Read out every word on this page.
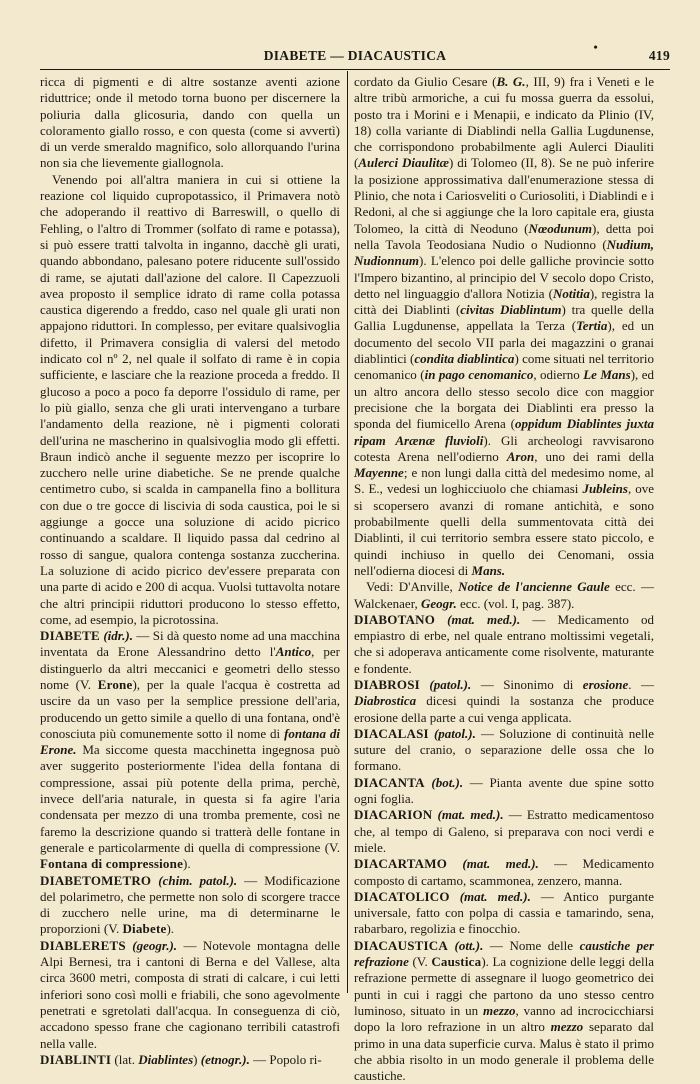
DIABETE — DIACAUSTICA
•
419

ricca di pigmenti e di altre sostanze aventi azione riduttrice; onde il metodo torna buono per discernere la poliuria dalla glicosuria, dando con quella un coloramento giallo rosso, e con questa (come si avvertì) di un verde smeraldo magnifico, solo allorquando l'urina non sia che lievemente giallognola.

Venendo poi all'altra maniera in cui si ottiene la reazione col liquido cupropotassico, il Primavera notò che adoperando il reattivo di Barreswill, o quello di Fehling, o l'altro di Trommer (solfato di rame e potassa), si può essere tratti talvolta in inganno, dacchè gli urati, quando abbondano, palesano potere riducente sull'ossido di rame, se ajutati dall'azione del calore. Il Capezzuoli avea proposto il semplice idrato di rame colla potassa caustica digerendo a freddo, caso nel quale gli urati non appajono riduttori. In complesso, per evitare qualsivoglia difetto, il Primavera consiglia di valersi del metodo indicato col nº 2, nel quale il solfato di rame è in copia sufficiente, e lasciare che la reazione proceda a freddo. Il glucoso a poco a poco fa deporre l'ossidulo di rame, per lo più giallo, senza che gli urati intervengano a turbare l'andamento della reazione, nè i pigmenti colorati dell'urina ne mascherino in qualsivoglia modo gli effetti. Braun indicò anche il seguente mezzo per iscoprire lo zucchero nelle urine diabetiche. Se ne prende qualche centimetro cubo, si scalda in campanella fino a bollitura con due o tre gocce di liscivia di soda caustica, poi le si aggiunge a gocce una soluzione di acido picrico continuando a scaldare. Il liquido passa dal cedrino al rosso di sangue, qualora contenga sostanza zuccherina. La soluzione di acido picrico dev'essere preparata con una parte di acido e 200 di acqua. Vuolsi tuttavolta notare che altri principii riduttori producono lo stesso effetto, come, ad esempio, la picrotossina.

DIABETE (idr.). — Si dà questo nome ad una macchina inventata da Erone Alessandrino detto l'Antico, per distinguerlo da altri meccanici e geometri dello stesso nome (V. Erone), per la quale l'acqua è costretta ad uscire da un vaso per la semplice pressione dell'aria, producendo un getto simile a quello di una fontana, ond'è conosciuta più comunemente sotto il nome di fontana di Erone. Ma siccome questa macchinetta ingegnosa può aver suggerito posteriormente l'idea della fontana di compressione, assai più potente della prima, perchè, invece dell'aria naturale, in questa si fa agire l'aria condensata per mezzo di una tromba premente, così ne faremo la descrizione quando si tratterà delle fontane in generale e particolarmente di quella di compressione (V. Fontana di compressione).

DIABETOMETRO (chim. patol.). — Modificazione del polarimetro, che permette non solo di scorgere tracce di zucchero nelle urine, ma di determinarne le proporzioni (V. Diabete).

DIABLERETS (geogr.). — Notevole montagna delle Alpi Bernesi, tra i cantoni di Berna e del Vallese, alta circa 3600 metri, composta di strati di calcare, i cui letti inferiori sono così molli e friabili, che sono agevolmente penetrati e sgretolati dall'acqua. In conseguenza di ciò, accadono spesso frane che cagionano terribili catastrofi nella valle.

DIABLINTI (lat. Diablintes) (etnogr.). — Popolo ri-

cordato da Giulio Cesare (B. G., III, 9) fra i Veneti e le altre tribù armoriche, a cui fu mossa guerra da essolui, posto tra i Morini e i Menapii, e indicato da Plinio (IV, 18) colla variante di Diablindi nella Gallia Lugdunense, che corrispondono probabilmente agli Aulerci Diauliti (Aulerci Diaulitæ) di Tolomeo (II, 8). Se ne può inferire la posizione approssimativa dall'enumerazione stessa di Plinio, che nota i Cariosveliti o Curiosoliti, i Diablindi e i Redoni, al che si aggiunge che la loro capitale era, giusta Tolomeo, la città di Neoduno (Nœodunum), detta poi nella Tavola Teodosiana Nudio o Nudionno (Nudium, Nudionnum). L'elenco poi delle galliche provincie sotto l'Impero bizantino, al principio del V secolo dopo Cristo, detto nel linguaggio d'allora Notizia (Notitia), registra la città dei Diablinti (civitas Diablintum) tra quelle della Gallia Lugdunense, appellata la Terza (Tertia), ed un documento del secolo VII parla dei magazzini o granai diablintici (condita diablintica) come situati nel territorio cenomanico (in pago cenomanico, odierno Le Mans), ed un altro ancora dello stesso secolo dice con maggior precisione che la borgata dei Diablinti era presso la sponda del fiumicello Arena (oppidum Diablintes juxta ripam Arænæ fluvioli). Gli archeologi ravvisarono cotesta Arena nell'odierno Aron, uno dei rami della Mayenne; e non lungi dalla città del medesimo nome, al S. E., vedesi un loghicciuolo che chiamasi Jubleins, ove si scopersero avanzi di romane antichità, e sono probabilmente quelli della summentovata città dei Diablinti, il cui territorio sembra essere stato piccolo, e quindi inchiuso in quello dei Cenomani, ossia nell'odierna diocesi di Mans.

Vedi: D'Anville, Notice de l'ancienne Gaule ecc. — Walckenaer, Geogr. ecc. (vol. I, pag. 387).

DIABOTANO (mat. med.). — Medicamento od empiastro di erbe, nel quale entrano moltissimi vegetali, che si adoperava anticamente come risolvente, maturante e fondente.

DIABROSI (patol.). — Sinonimo di erosione. — Diabrostica dicesi quindi la sostanza che produce erosione della parte a cui venga applicata.

DIACALASI (patol.). — Soluzione di continuità nelle suture del cranio, o separazione delle ossa che lo formano.

DIACANTA (bot.). — Pianta avente due spine sotto ogni foglia.

DIACARION (mat. med.). — Estratto medicamentoso che, al tempo di Galeno, si preparava con noci verdi e miele.

DIACARTAMO (mat. med.). — Medicamento composto di cartamo, scammonea, zenzero, manna.

DIACATOLICO (mat. med.). — Antico purgante universale, fatto con polpa di cassia e tamarindo, sena, rabarbaro, regolizia e finocchio.

DIACAUSTICA (ott.). — Nome delle caustiche per refrazione (V. Caustica). La cognizione delle leggi della refrazione permette di assegnare il luogo geometrico dei punti in cui i raggi che partono da uno stesso centro luminoso, situato in un mezzo, vanno ad incrocicchiarsi dopo la loro refrazione in un altro mezzo separato dal primo in una data superficie curva. Malus è stato il primo che abbia risolto in un modo generale il problema delle caustiche.
